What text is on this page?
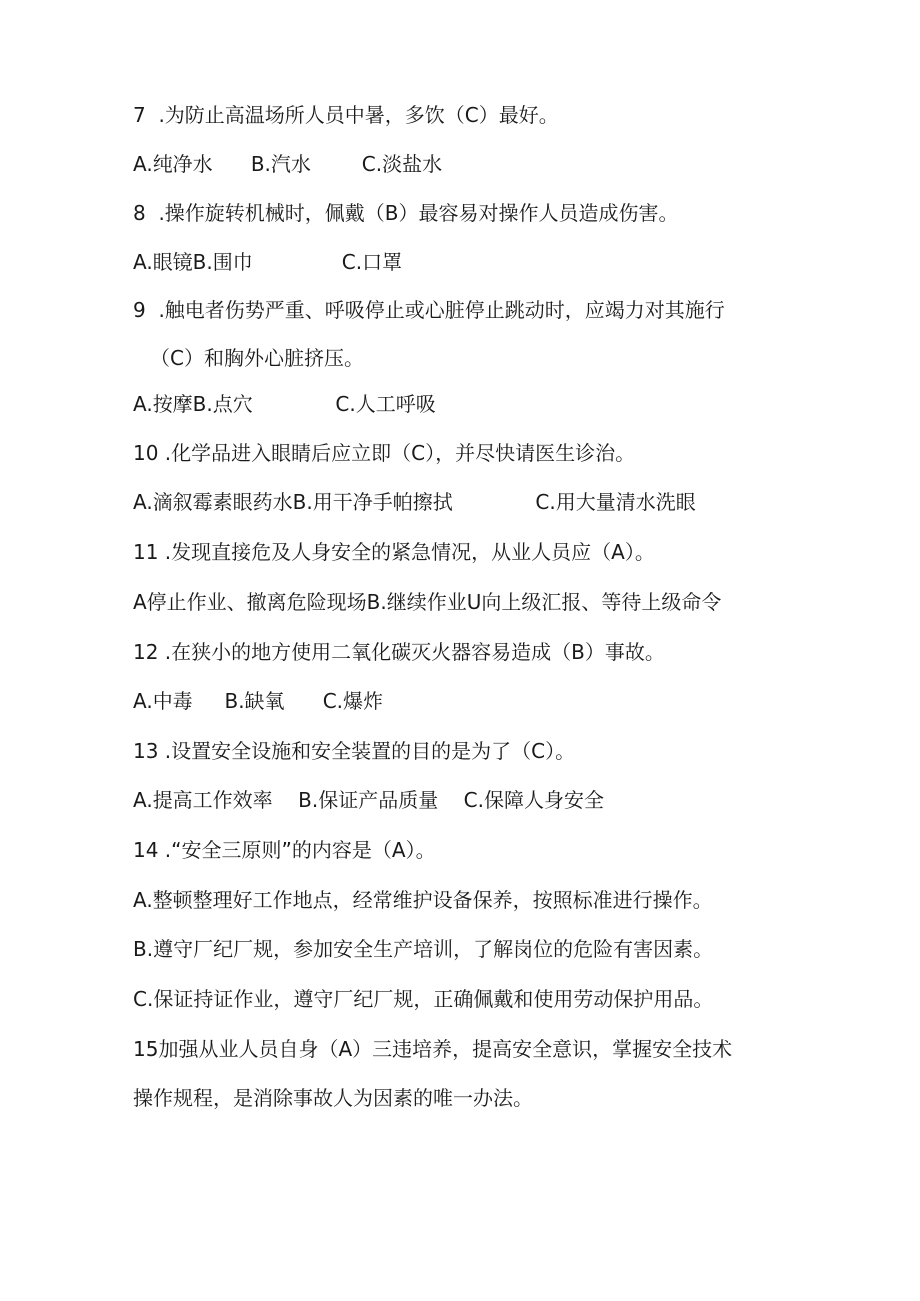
7  .为防止高温场所人员中暑，多饮（C）最好。
A.纯净水      B.汽水        C.淡盐水
8  .操作旋转机械时，佩戴（B）最容易对操作人员造成伤害。
A.眼镜B.围巾              C.口罩
9  .触电者伤势严重、呼吸停止或心脏停止跳动时，应竭力对其施行
（C）和胸外心脏挤压。
A.按摩B.点穴             C.人工呼吸
10 .化学品进入眼睛后应立即（C），并尽快请医生诊治。
A.滴叙霉素眼药水B.用干净手帕擦拭             C.用大量清水洗眼
11 .发现直接危及人身安全的紧急情况，从业人员应（A）。
A停止作业、撤离危险现场B.继续作业U向上级汇报、等待上级命令
12 .在狭小的地方使用二氧化碳灭火器容易造成（B）事故。
A.中毒     B.缺氧      C.爆炸
13 .设置安全设施和安全装置的目的是为了（C）。
A.提高工作效率    B.保证产品质量    C.保障人身安全
14 .“安全三原则”的内容是（A）。
A.整顿整理好工作地点，经常维护设备保养，按照标准进行操作。
B.遵守厂纪厂规，参加安全生产培训，了解岗位的危险有害因素。
C.保证持证作业，遵守厂纪厂规，正确佩戴和使用劳动保护用品。
15加强从业人员自身（A）三违培养，提高安全意识，掌握安全技术
操作规程，是消除事故人为因素的唯一办法。
